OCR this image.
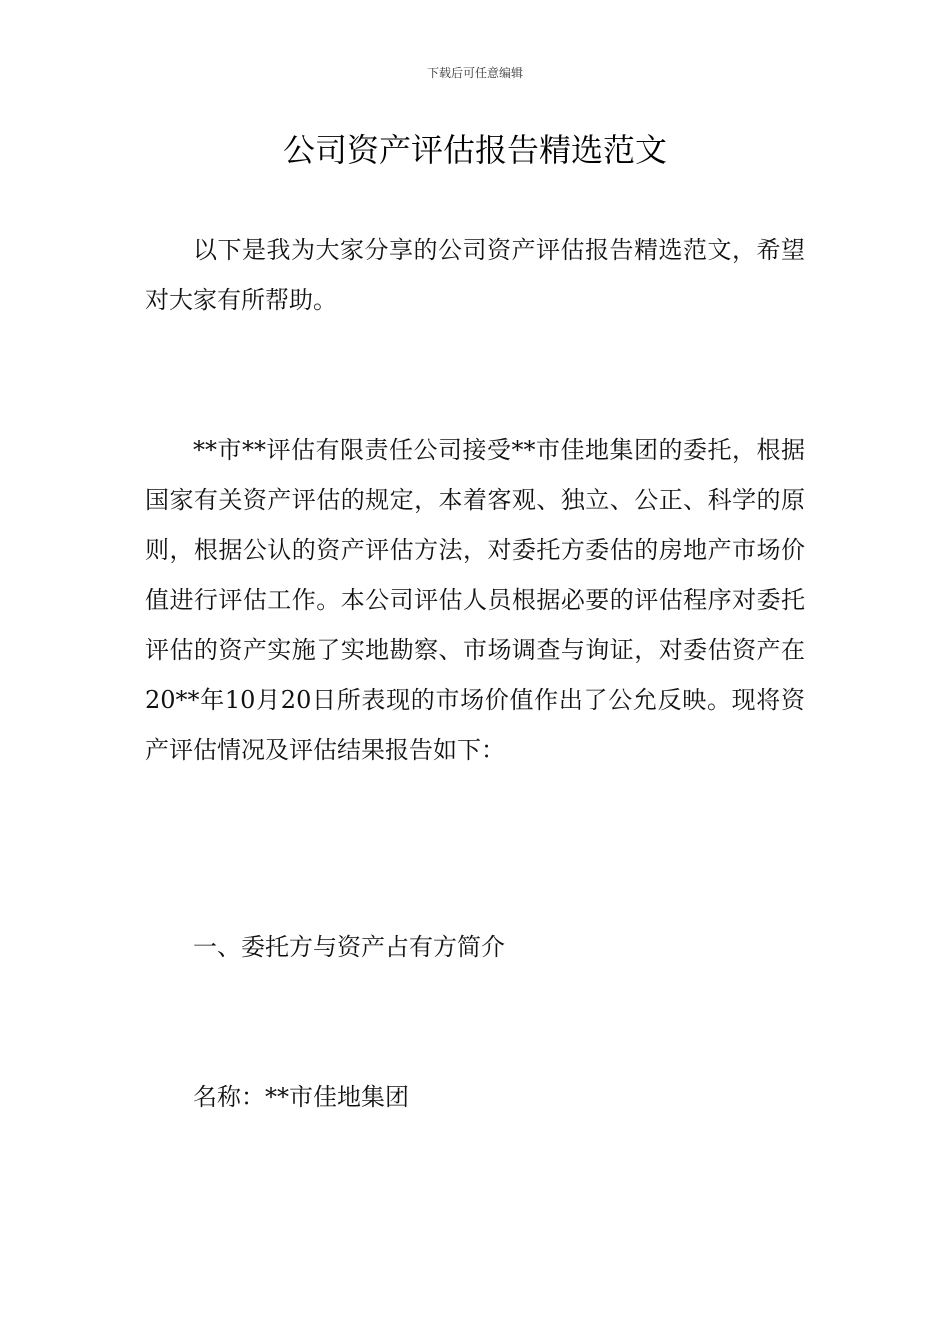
下载后可任意编辑
公司资产评估报告精选范文

以下是我为大家分享的公司资产评估报告精选范文，希望对大家有所帮助。

**市**评估有限责任公司接受**市佳地集团的委托，根据国家有关资产评估的规定，本着客观、独立、公正、科学的原则，根据公认的资产评估方法，对委托方委估的房地产市场价值进行评估工作。本公司评估人员根据必要的评估程序对委托评估的资产实施了实地勘察、市场调查与询证，对委估资产在 20**年10月20日所表现的市场价值作出了公允反映。现将资产评估情况及评估结果报告如下：

一、委托方与资产占有方简介

名称：**市佳地集团
